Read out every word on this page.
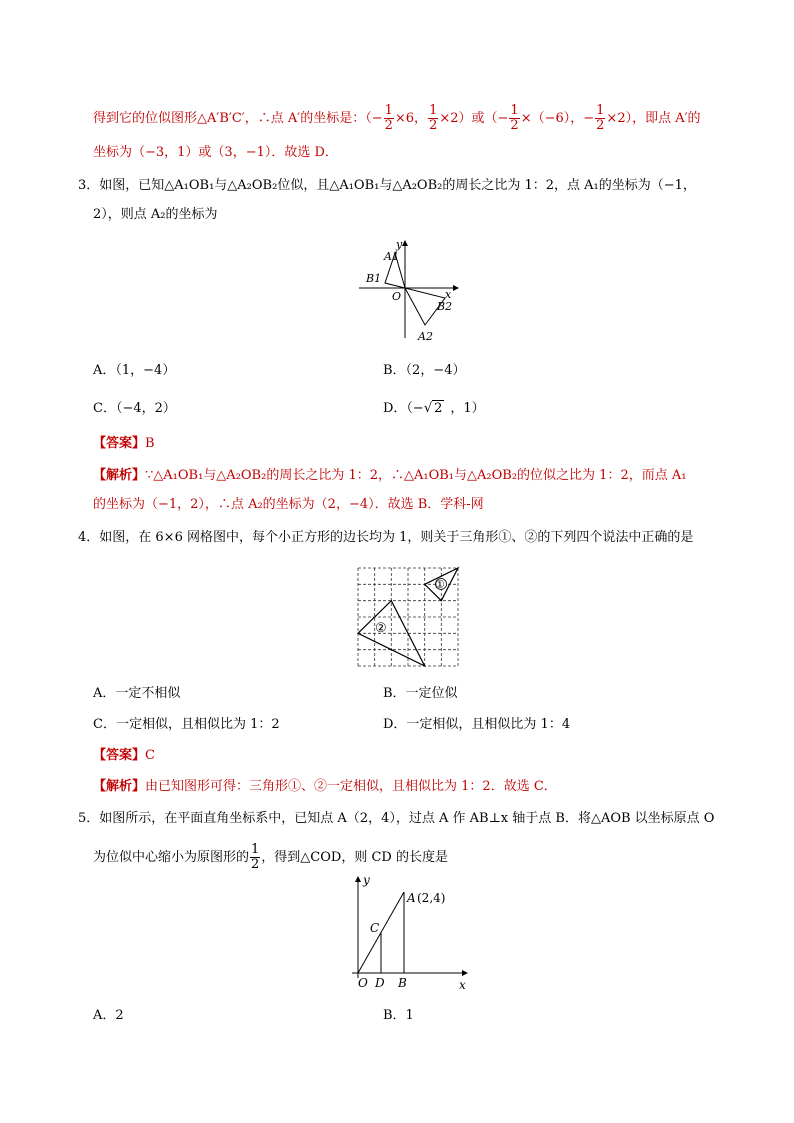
得到它的位似图形△A′B′C′，∴点 A′的坐标是：（− $\frac{1}{2} \times 6$， $\frac{1}{2} \times 2$）或（− $\frac{1}{2} \times(-6)$，− $\frac{1}{2} \times 2$），即点 A′的
坐标为（−3，1）或（3，−1）．故选 D．
3．如图，已知△A₁OB₁与△A₂OB₂位似，且△A₁OB₁与△A₂OB₂的周长之比为 1：2，点 A₁的坐标为（−1，
2），则点 A₂的坐标为
y
A1
B1
O	x
B2
A2
A．（1，−4）	B．（2，−4）
C．（−4，2）	D．（−√ 2 ，1）
【答案】B
【解析】∵△A₁OB₁与△A₂OB₂的周长之比为 1：2，∴△A₁OB₁与△A₂OB₂的位似之比为 1：2，而点 A₁
的坐标为（−1，2），∴点 A₂的坐标为（2，−4）．故选 B．学科-网
4．如图，在 6×6 网格图中，每个小正方形的边长均为 1，则关于三角形①、②的下列四个说法中正确的是
①
②
A．一定不相似	B．一定位似
C．一定相似，且相似比为 1：2	D．一定相似，且相似比为 1：4
【答案】C
【解析】由已知图形可得：三角形①、②一定相似，且相似比为 1：2．故选 C．
5．如图所示，在平面直角坐标系中，已知点 A（2，4），过点 A 作 AB⊥x 轴于点 B．将△AOB 以坐标原点 O
为位似中心缩小为原图形的 $\frac{1}{2}$ ，得到△COD，则 CD 的长度是
y
A (2,4)
C
O D B	x
A．2	B．1
